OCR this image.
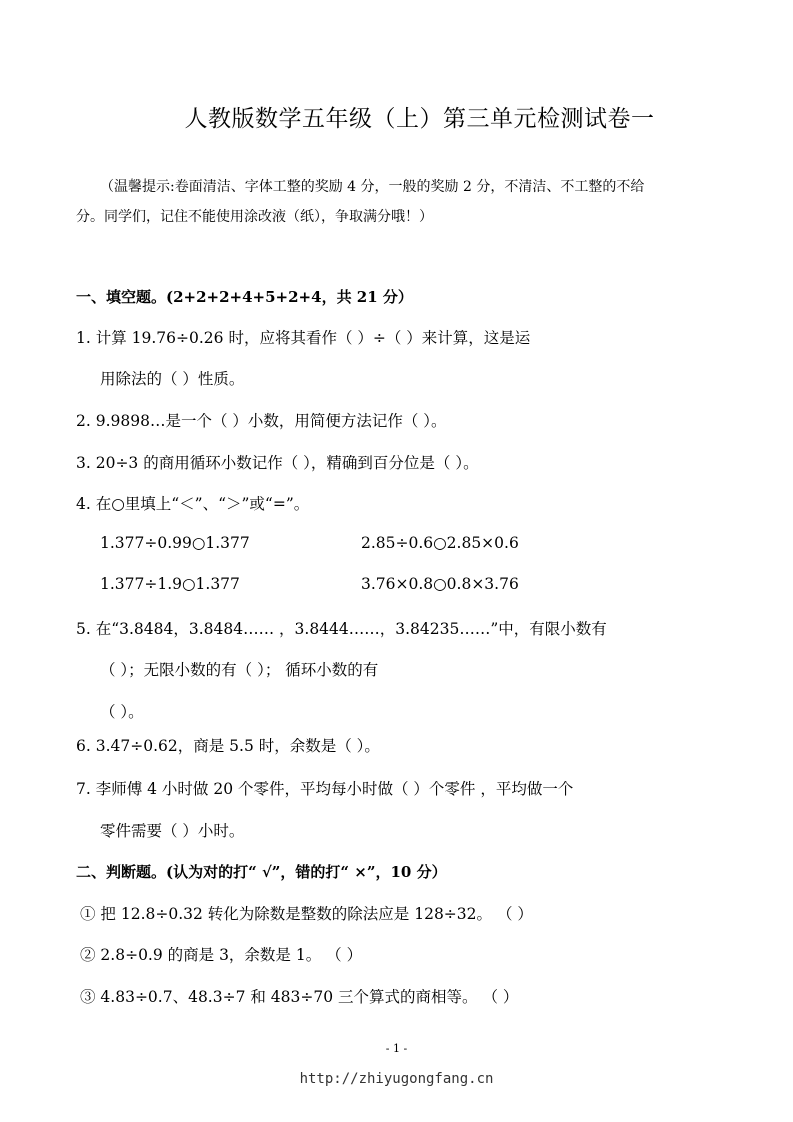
人教版数学五年级（上）第三单元检测试卷一
（温馨提示:卷面清洁、字体工整的奖励 4 分，一般的奖励 2 分，不清洁、不工整的不给
分。同学们，记住不能使用涂改液（纸），争取满分哦！）
一、填空题。(2+2+2+4+5+2+4，共 21 分）
1. 计算 19.76÷0.26 时，应将其看作（ ）÷（ ）来计算，这是运
用除法的（ ）性质。
2. 9.9898…是一个（ ）小数，用简便方法记作（ ）。
3. 20÷3 的商用循环小数记作（ ），精确到百分位是（ ）。
4. 在○里填上“＜”、“＞”或“=”。
1.377÷0.99○1.377	2.85÷0.6○2.85×0.6
1.377÷1.9○1.377	3.76×0.8○0.8×3.76
5. 在“3.8484，3.8484…… ，3.8444……，3.84235……”中，有限小数有
（ ）；无限小数的有（ ）； 循环小数的有
（ ）。
6. 3.47÷0.62，商是 5.5 时，余数是（ ）。
7. 李师傅 4 小时做 20 个零件，平均每小时做（ ）个零件 ，平均做一个
零件需要（ ）小时。
二、判断题。(认为对的打“ √”，错的打“ ×”，10 分）
① 把 12.8÷0.32 转化为除数是整数的除法应是 128÷32。 （ ）
② 2.8÷0.9 的商是 3，余数是 1。 （ ）
③ 4.83÷0.7、48.3÷7 和 483÷70 三个算式的商相等。 （ ）
- 1 -
http://zhiyugongfang.cn
